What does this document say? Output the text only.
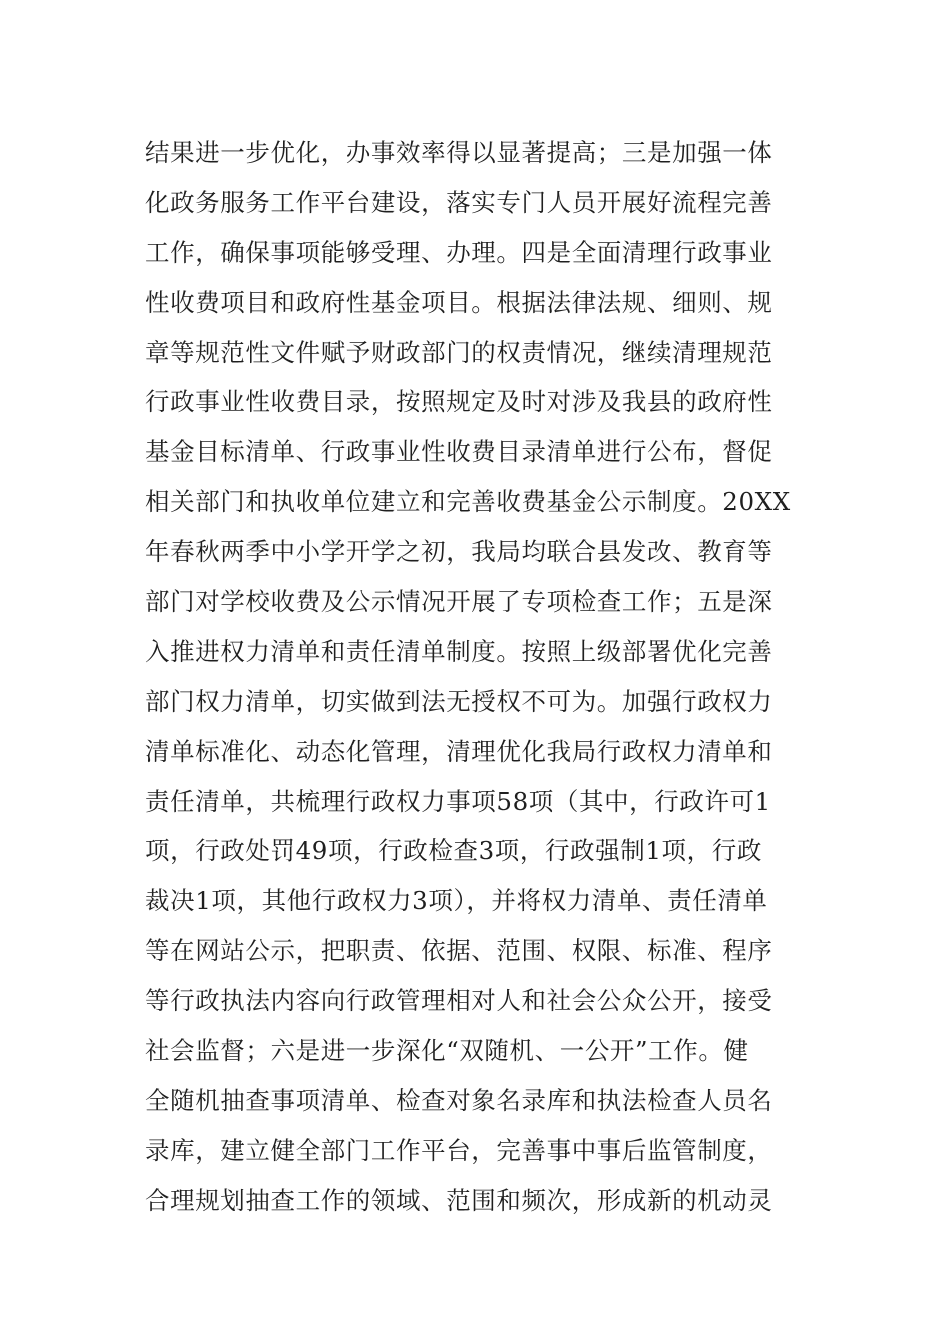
结果进一步优化，办事效率得以显著提高；三是加强一体
化政务服务工作平台建设，落实专门人员开展好流程完善
工作，确保事项能够受理、办理。四是全面清理行政事业
性收费项目和政府性基金项目。根据法律法规、细则、规
章等规范性文件赋予财政部门的权责情况，继续清理规范
行政事业性收费目录，按照规定及时对涉及我县的政府性
基金目标清单、行政事业性收费目录清单进行公布，督促
相关部门和执收单位建立和完善收费基金公示制度。20XX
年春秋两季中小学开学之初，我局均联合县发改、教育等
部门对学校收费及公示情况开展了专项检查工作；五是深
入推进权力清单和责任清单制度。按照上级部署优化完善
部门权力清单，切实做到法无授权不可为。加强行政权力
清单标准化、动态化管理，清理优化我局行政权力清单和
责任清单，共梳理行政权力事项58项（其中，行政许可1
项，行政处罚49项，行政检查3项，行政强制1项，行政
裁决1项，其他行政权力3项），并将权力清单、责任清单
等在网站公示，把职责、依据、范围、权限、标准、程序
等行政执法内容向行政管理相对人和社会公众公开，接受
社会监督；六是进一步深化“双随机、一公开”工作。健
全随机抽查事项清单、检查对象名录库和执法检查人员名
录库，建立健全部门工作平台，完善事中事后监管制度，
合理规划抽查工作的领域、范围和频次，形成新的机动灵
